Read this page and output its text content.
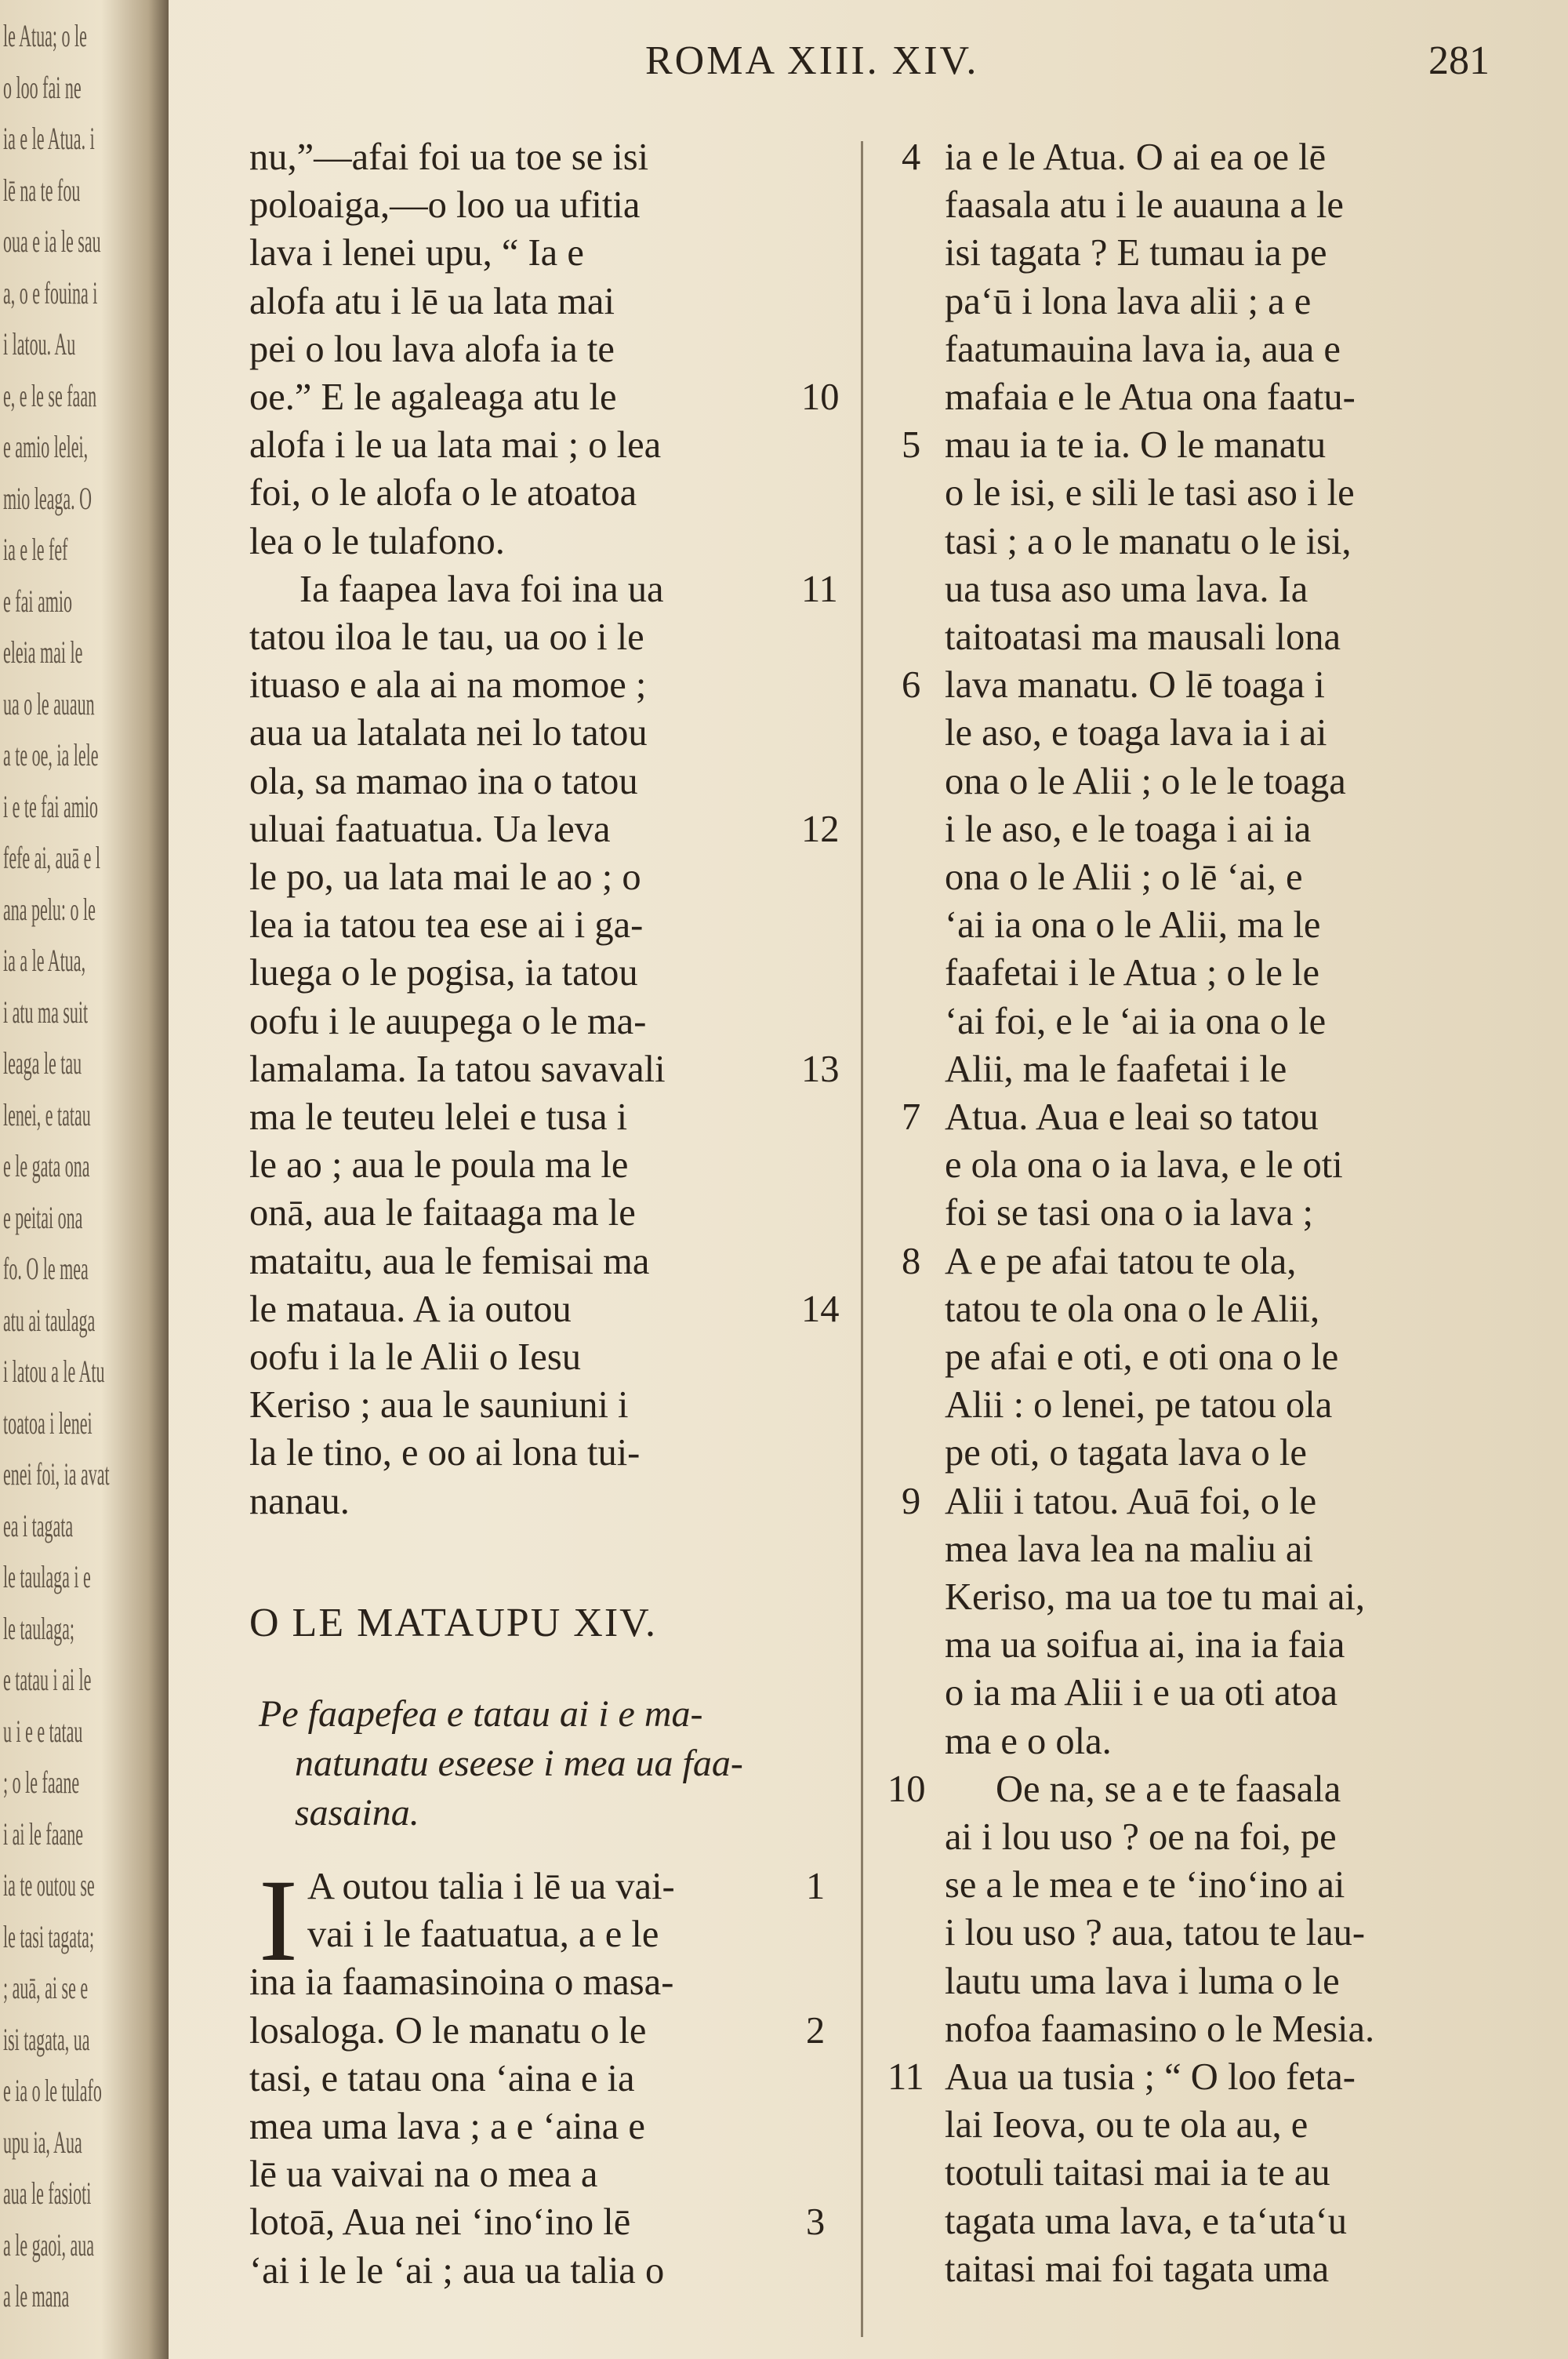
le Atua; o le
o loo fai ne
ia e le Atua. i
lē na te fou
oua e ia le sau
a, o e fouina i
i latou. Au
e, e le se faan
e amio lelei,
mio leaga. O
ia e le fef
e fai amio
eleia mai le
ua o le auaun
a te oe, ia lele
i e te fai amio
fefe ai, auā e l
ana pelu: o le
ia a le Atua,
i atu ma suit
leaga le tau
lenei, e tatau
e le gata ona
e peitai ona
fo. O le mea
atu ai taulaga
i latou a le Atu
toatoa i lenei
enei foi, ia avat
ea i tagata
le taulaga i e
le taulaga;
e tatau i ai le
u i e e tatau
; o le faane
i ai le faane
ia te outou se
le tasi tagata;
; auā, ai se e
isi tagata, ua
e ia o le tulafo
upu ia, Aua
aua le fasioti
a le gaoi, aua
a le mana
ROMA XIII. XIV.	281
nu,”—afai foi ua toe se isi
poloaiga,—o loo ua ufitia
lava i lenei upu, “ Ia e
alofa atu i lē ua lata mai
pei o lou lava alofa ia te
oe.” E le agaleaga atu le
alofa i le ua lata mai ; o lea
foi, o le alofa o le atoatoa
lea o le tulafono.
Ia faapea lava foi ina ua
tatou iloa le tau, ua oo i le
ituaso e ala ai na momoe ;
aua ua latalata nei lo tatou
ola, sa mamao ina o tatou
uluai faatuatua. Ua leva
le po, ua lata mai le ao ; o
lea ia tatou tea ese ai i ga-
luega o le pogisa, ia tatou
oofu i le auupega o le ma-
lamalama. Ia tatou savavali
ma le teuteu lelei e tusa i
le ao ; aua le poula ma le
onā, aua le faitaaga ma le
mataitu, aua le femisai ma
le mataua. A ia outou
oofu i la le Alii o Iesu
Keriso ; aua le sauniuni i
la le tino, e oo ai lona tui-
nanau.
10
11
12
13
14
O LE MATAUPU XIV.
Pe faapefea e tatau ai i e ma-
natunatu eseese i mea ua faa-
sasaina.
I A outou talia i lē ua vai-
vai i le faatuatua, a e le
ina ia faamasinoina o masa-
losaloga. O le manatu o le
tasi, e tatau ona ‘aina e ia
mea uma lava ; a e ‘aina e
lē ua vaivai na o mea a
lotoā, Aua nei ‘ino‘ino lē
‘ai i le le ‘ai ; aua ua talia o
1
2
3
ia e le Atua. O ai ea oe lē
faasala atu i le auauna a le
isi tagata ? E tumau ia pe
pa‘ū i lona lava alii ; a e
faatumauina lava ia, aua e
mafaia e le Atua ona faatu-
mau ia te ia. O le manatu
o le isi, e sili le tasi aso i le
tasi ; a o le manatu o le isi,
ua tusa aso uma lava. Ia
taitoatasi ma mausali lona
lava manatu. O lē toaga i
le aso, e toaga lava ia i ai
ona o le Alii ; o le le toaga
i le aso, e le toaga i ai ia
ona o le Alii ; o lē ‘ai, e
‘ai ia ona o le Alii, ma le
faafetai i le Atua ; o le le
‘ai foi, e le ‘ai ia ona o le
Alii, ma le faafetai i le
Atua. Aua e leai so tatou
e ola ona o ia lava, e le oti
foi se tasi ona o ia lava ;
A e pe afai tatou te ola,
tatou te ola ona o le Alii,
pe afai e oti, e oti ona o le
Alii : o lenei, pe tatou ola
pe oti, o tagata lava o le
Alii i tatou. Auā foi, o le
mea lava lea na maliu ai
Keriso, ma ua toe tu mai ai,
ma ua soifua ai, ina ia faia
o ia ma Alii i e ua oti atoa
ma e o ola.
Oe na, se a e te faasala
ai i lou uso ? oe na foi, pe
se a le mea e te ‘ino‘ino ai
i lou uso ? aua, tatou te lau-
lautu uma lava i luma o le
nofoa faamasino o le Mesia.
Aua ua tusia ; “ O loo feta-
lai Ieova, ou te ola au, e
tootuli taitasi mai ia te au
tagata uma lava, e ta‘uta‘u
taitasi mai foi tagata uma
4
5
6
7
8
9
10
11
